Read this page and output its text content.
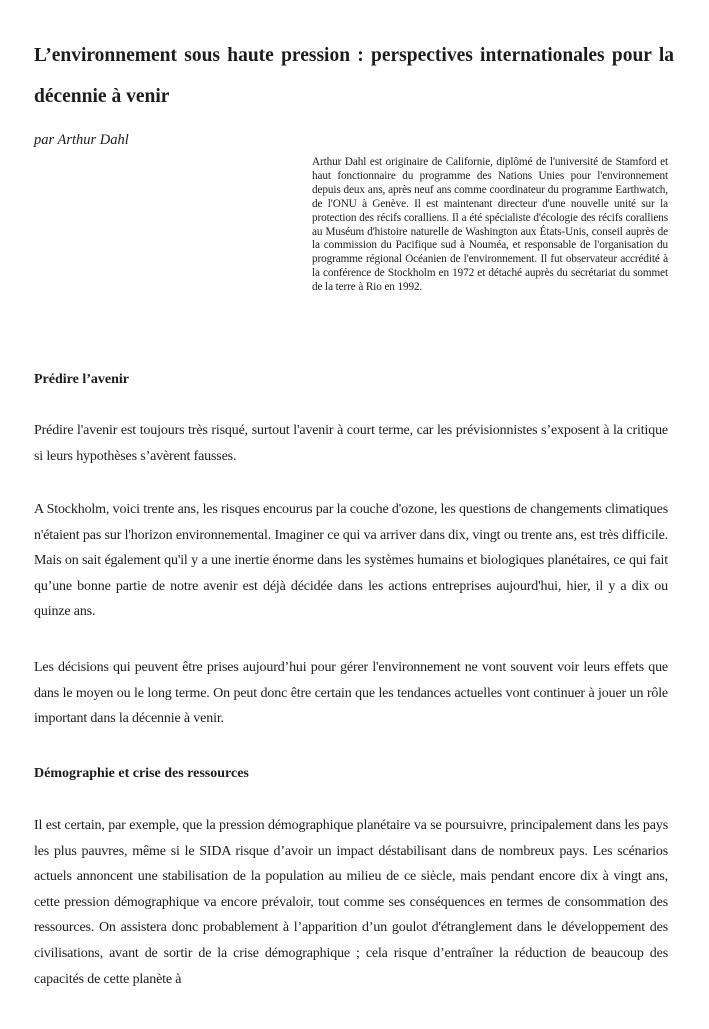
L’environnement sous haute pression : perspectives internationales pour la décennie à venir

par Arthur Dahl

Arthur Dahl est originaire de Californie, diplômé de l'université de Stamford et haut fonctionnaire du programme des Nations Unies pour l'environnement depuis deux ans, après neuf ans comme coordinateur du programme Earthwatch, de l'ONU à Genève. Il est maintenant directeur d'une nouvelle unité sur la protection des récifs coralliens. Il a été spécialiste d'écologie des récifs coralliens au Muséum d'histoire naturelle de Washington aux États-Unis, conseil auprès de la commission du Pacifique sud à Nouméa, et responsable de l'organisation du programme régional Océanien de l'environnement. Il fut observateur accrédité à la conférence de Stockholm en 1972 et détaché auprès du secrétariat du sommet de la terre à Rio en 1992.

Prédire l’avenir

Prédire l'avenir est toujours très risqué, surtout l'avenir à court terme, car les prévisionnistes s’exposent à la critique si leurs hypothèses s’avèrent fausses.

A Stockholm, voici trente ans, les risques encourus par la couche d'ozone, les questions de changements climatiques n'étaient pas sur l'horizon environnemental. Imaginer ce qui va arriver dans dix, vingt ou trente ans, est très difficile. Mais on sait également qu'il y a une inertie énorme dans les systèmes humains et biologiques planétaires, ce qui fait qu’une bonne partie de notre avenir est déjà décidée dans les actions entreprises aujourd'hui, hier, il y a dix ou quinze ans.

Les décisions qui peuvent être prises aujourd’hui pour gérer l'environnement ne vont souvent voir leurs effets que dans le moyen ou le long terme. On peut donc être certain que les tendances actuelles vont continuer à jouer un rôle important dans la décennie à venir.

Démographie et crise des ressources

Il est certain, par exemple, que la pression démographique planétaire va se poursuivre, principalement dans les pays les plus pauvres, même si le SIDA risque d’avoir un impact déstabilisant dans de nombreux pays. Les scénarios actuels annoncent une stabilisation de la population au milieu de ce siècle, mais pendant encore dix à vingt ans, cette pression démographique va encore prévaloir, tout comme ses conséquences en termes de consommation des ressources. On assistera donc probablement à l’apparition d’un goulot d'étranglement dans le développement des civilisations, avant de sortir de la crise démographique ; cela risque d’entraîner la réduction de beaucoup des capacités de cette planète à
